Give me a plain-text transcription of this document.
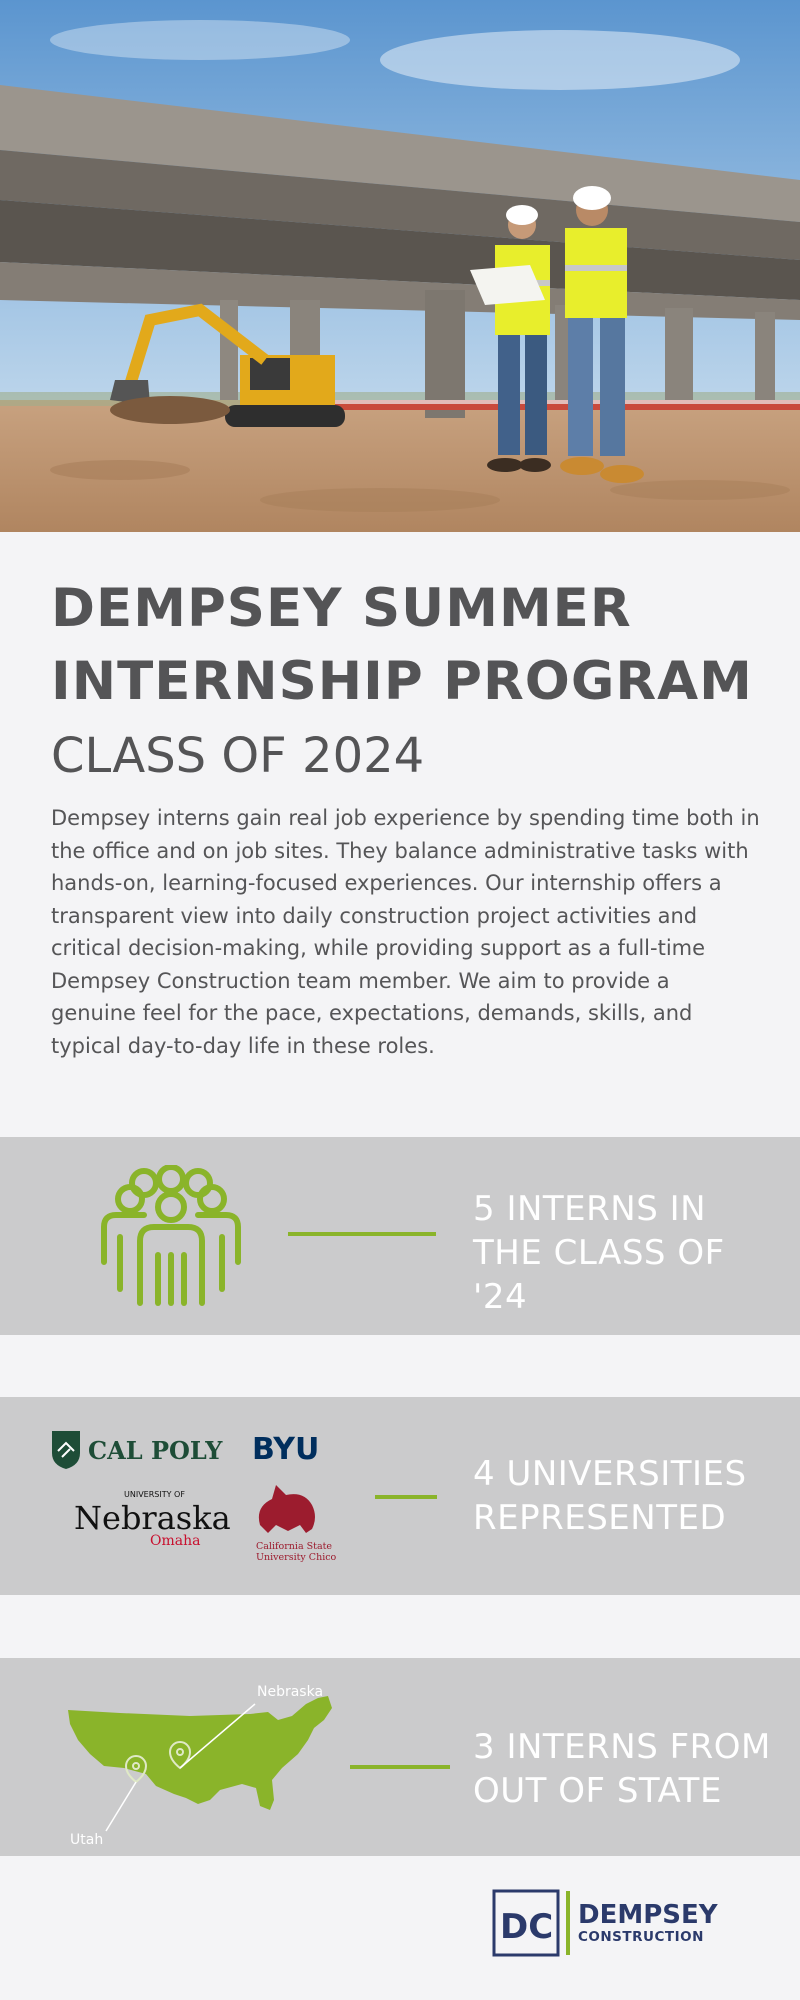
DEMPSEY SUMMER INTERNSHIP PROGRAM
CLASS OF 2024

Dempsey interns gain real job experience by spending time both in the office and on job sites. They balance administrative tasks with hands-on, learning-focused experiences. Our internship offers a transparent view into daily construction project activities and critical decision-making, while providing support as a full-time Dempsey Construction team member. We aim to provide a genuine feel for the pace, expectations, demands, skills, and typical day-to-day life in these roles.

5 INTERNS IN THE CLASS OF '24

CAL POLY BYU
UNIVERSITY OF
Nebraska
Omaha	California State
University Chico

4 UNIVERSITIES REPRESENTED

Nebraska
Utah

3 INTERNS FROM OUT OF STATE

DC DEMPSEY
CONSTRUCTION
